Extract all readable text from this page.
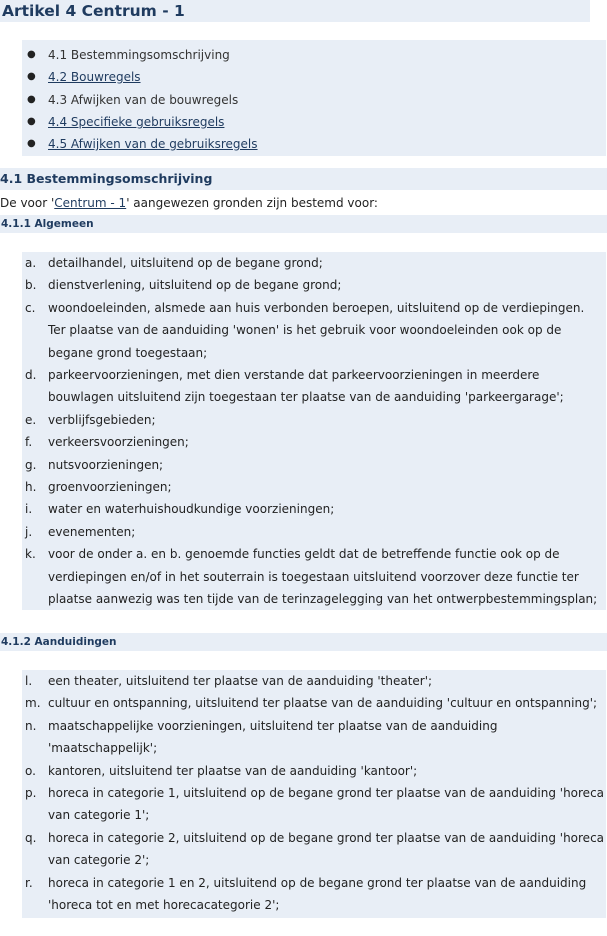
Artikel 4 Centrum - 1
● 4.1 Bestemmingsomschrijving
● 4.2 Bouwregels
● 4.3 Afwijken van de bouwregels
● 4.4 Specifieke gebruiksregels
● 4.5 Afwijken van de gebruiksregels
4.1 Bestemmingsomschrijving
De voor 'Centrum - 1' aangewezen gronden zijn bestemd voor:
4.1.1 Algemeen
a. detailhandel, uitsluitend op de begane grond;
b. dienstverlening, uitsluitend op de begane grond;
c.	woondoeleinden, alsmede aan huis verbonden beroepen, uitsluitend op de verdiepingen.
Ter plaatse van de aanduiding 'wonen' is het gebruik voor woondoeleinden ook op de
begane grond toegestaan;
d. parkeervoorzieningen, met dien verstande dat parkeervoorzieningen in meerdere
bouwlagen uitsluitend zijn toegestaan ter plaatse van de aanduiding 'parkeergarage';
e. verblijfsgebieden;
f.	verkeersvoorzieningen;
g. nutsvoorzieningen;
h. groenvoorzieningen;
i.	water en waterhuishoudkundige voorzieningen;
j.	evenementen;
k.	voor de onder a. en b. genoemde functies geldt dat de betreffende functie ook op de
verdiepingen en/of in het souterrain is toegestaan uitsluitend voorzover deze functie ter
plaatse aanwezig was ten tijde van de terinzagelegging van het ontwerpbestemmingsplan;
4.1.2 Aanduidingen
l.	een theater, uitsluitend ter plaatse van de aanduiding 'theater';
m. cultuur en ontspanning, uitsluitend ter plaatse van de aanduiding 'cultuur en ontspanning';
n. maatschappelijke voorzieningen, uitsluitend ter plaatse van de aanduiding
'maatschappelijk';
o.	kantoren, uitsluitend ter plaatse van de aanduiding 'kantoor';
p. horeca in categorie 1, uitsluitend op de begane grond ter plaatse van de aanduiding 'horeca
van categorie 1';
q. horeca in categorie 2, uitsluitend op de begane grond ter plaatse van de aanduiding 'horeca
van categorie 2';
r.	horeca in categorie 1 en 2, uitsluitend op de begane grond ter plaatse van de aanduiding
'horeca tot en met horecacategorie 2';
